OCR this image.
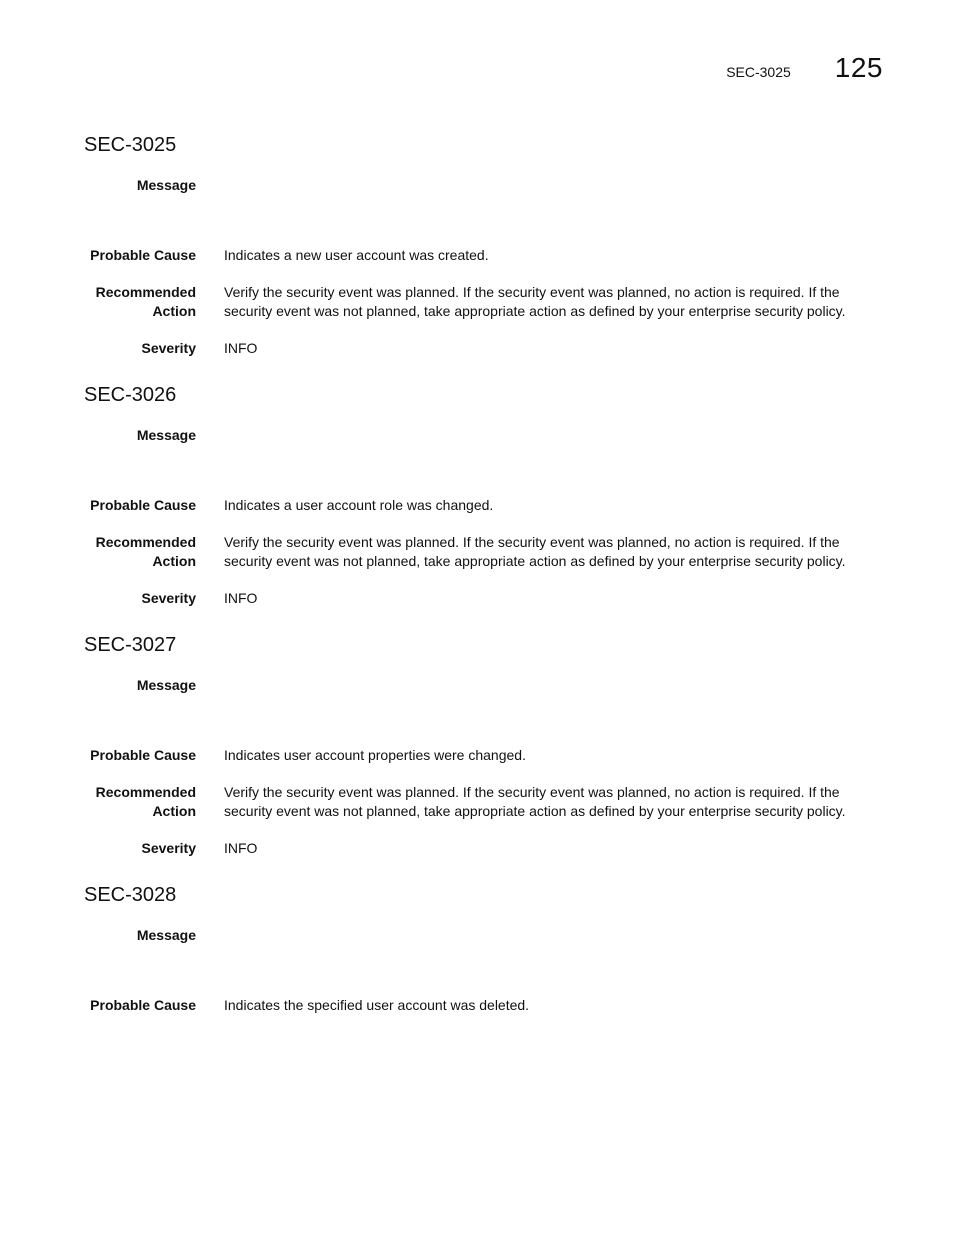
SEC-3025 125
SEC-3025
Message
Probable Cause Indicates a new user account was created.
Recommended
Action
Verify the security event was planned. If the security event was planned, no action is required. If the security event was not planned, take appropriate action as defined by your enterprise security policy.
Severity INFO
SEC-3026
Message
Probable Cause Indicates a user account role was changed.
Recommended
Action
Verify the security event was planned. If the security event was planned, no action is required. If the security event was not planned, take appropriate action as defined by your enterprise security policy.
Severity INFO
SEC-3027
Message
Probable Cause Indicates user account properties were changed.
Recommended
Action
Verify the security event was planned. If the security event was planned, no action is required. If the security event was not planned, take appropriate action as defined by your enterprise security policy.
Severity INFO
SEC-3028
Message
Probable Cause Indicates the specified user account was deleted.
